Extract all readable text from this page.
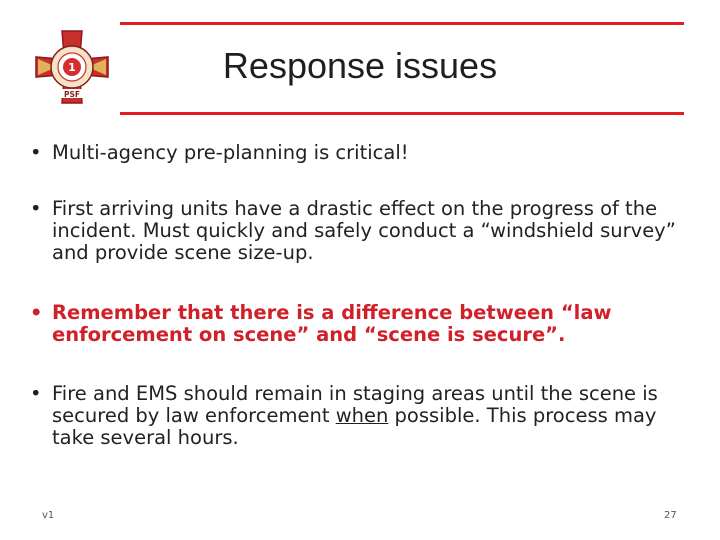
1
PSF
Response issues
• Multi-agency pre-planning is critical!
• First arriving units have a drastic effect on the progress of the incident. Must quickly and safely conduct a “windshield survey” and provide scene size-up.
• Remember that there is a difference between “law enforcement on scene” and “scene is secure”.
• Fire and EMS should remain in staging areas until the scene is secured by law enforcement when possible. This process may take several hours.
v1	27
